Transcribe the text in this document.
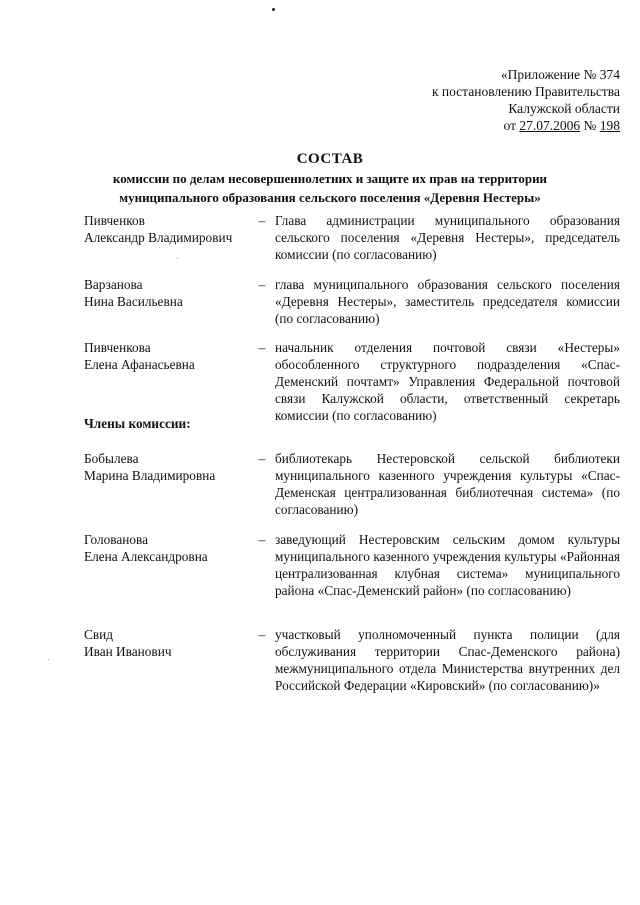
«Приложение № 374
к постановлению Правительства
Калужской области
от 27.07.2006 № 198
СОСТАВ
комиссии по делам несовершеннолетних и защите их прав на территории
муниципального образования сельского поселения «Деревня Нестеры»
Пивченков
Александр Владимирович
– Глава администрации муниципального образования сельского поселения «Деревня Нестеры», председатель комиссии (по согласованию)
Варзанова
Нина Васильевна
– глава муниципального образования сельского поселения «Деревня Нестеры», заместитель председателя комиссии (по согласованию)
Пивченкова
Елена Афанасьевна
– начальник отделения почтовой связи «Нестеры» обособленного структурного подразделения «Спас-Деменский почтамт» Управления Федеральной почтовой связи Калужской области, ответственный секретарь комиссии (по согласованию)
Члены комиссии:
Бобылева
Марина Владимировна
– библиотекарь Нестеровской сельской библиотеки муниципального казенного учреждения культуры «Спас-Деменская централизованная библиотечная система» (по согласованию)
Голованова
Елена Александровна
– заведующий Нестеровским сельским домом культуры муниципального казенного учреждения культуры «Районная централизованная клубная система» муниципального района «Спас-Деменский район» (по согласованию)
Свид
Иван Иванович
– участковый уполномоченный пункта полиции (для обслуживания территории Спас-Деменского района) межмуниципального отдела Министерства внутренних дел Российской Федерации «Кировский» (по согласованию)»
